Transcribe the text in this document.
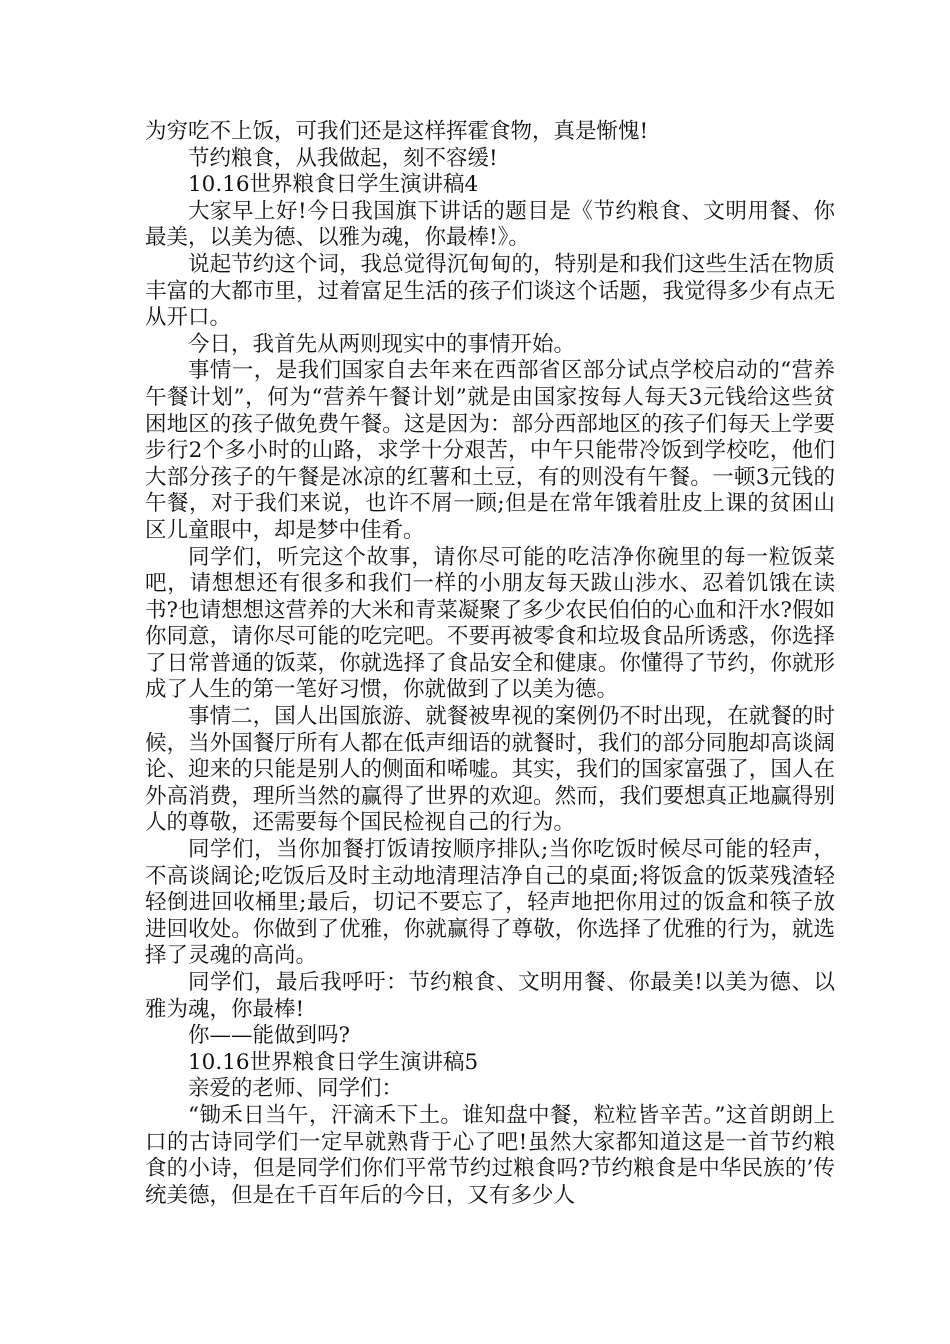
为穷吃不上饭，可我们还是这样挥霍食物，真是惭愧!

节约粮食，从我做起，刻不容缓!

10.16世界粮食日学生演讲稿4

大家早上好!今日我国旗下讲话的题目是《节约粮食、文明用餐、你最美，以美为德、以雅为魂，你最棒!》。

说起节约这个词，我总觉得沉甸甸的，特别是和我们这些生活在物质丰富的大都市里，过着富足生活的孩子们谈这个话题，我觉得多少有点无从开口。

今日，我首先从两则现实中的事情开始。

事情一，是我们国家自去年来在西部省区部分试点学校启动的“营养午餐计划”，何为“营养午餐计划”就是由国家按每人每天3元钱给这些贫困地区的孩子做免费午餐。这是因为：部分西部地区的孩子们每天上学要步行2个多小时的山路，求学十分艰苦，中午只能带冷饭到学校吃，他们大部分孩子的午餐是冰凉的红薯和土豆，有的则没有午餐。一顿3元钱的午餐，对于我们来说，也许不屑一顾;但是在常年饿着肚皮上课的贫困山区儿童眼中，却是梦中佳肴。

同学们，听完这个故事，请你尽可能的吃洁净你碗里的每一粒饭菜吧，请想想还有很多和我们一样的小朋友每天跋山涉水、忍着饥饿在读书?也请想想这营养的大米和青菜凝聚了多少农民伯伯的心血和汗水?假如你同意，请你尽可能的吃完吧。不要再被零食和垃圾食品所诱惑，你选择了日常普通的饭菜，你就选择了食品安全和健康。你懂得了节约，你就形成了人生的第一笔好习惯，你就做到了以美为德。

事情二，国人出国旅游、就餐被卑视的案例仍不时出现，在就餐的时候，当外国餐厅所有人都在低声细语的就餐时，我们的部分同胞却高谈阔论、迎来的只能是别人的侧面和唏嘘。其实，我们的国家富强了，国人在外高消费，理所当然的赢得了世界的欢迎。然而，我们要想真正地赢得别人的尊敬，还需要每个国民检视自己的行为。

同学们，当你加餐打饭请按顺序排队;当你吃饭时候尽可能的轻声，不高谈阔论;吃饭后及时主动地清理洁净自己的桌面;将饭盒的饭菜残渣轻轻倒进回收桶里;最后，切记不要忘了，轻声地把你用过的饭盒和筷子放进回收处。你做到了优雅，你就赢得了尊敬，你选择了优雅的行为，就选择了灵魂的高尚。

同学们，最后我呼吁：节约粮食、文明用餐、你最美!以美为德、以雅为魂，你最棒!

你——能做到吗?

10.16世界粮食日学生演讲稿5

亲爱的老师、同学们：

“锄禾日当午，汗滴禾下土。谁知盘中餐，粒粒皆辛苦。”这首朗朗上口的古诗同学们一定早就熟背于心了吧!虽然大家都知道这是一首节约粮食的小诗，但是同学们你们平常节约过粮食吗?节约粮食是中华民族的’传统美德，但是在千百年后的今日，又有多少人
